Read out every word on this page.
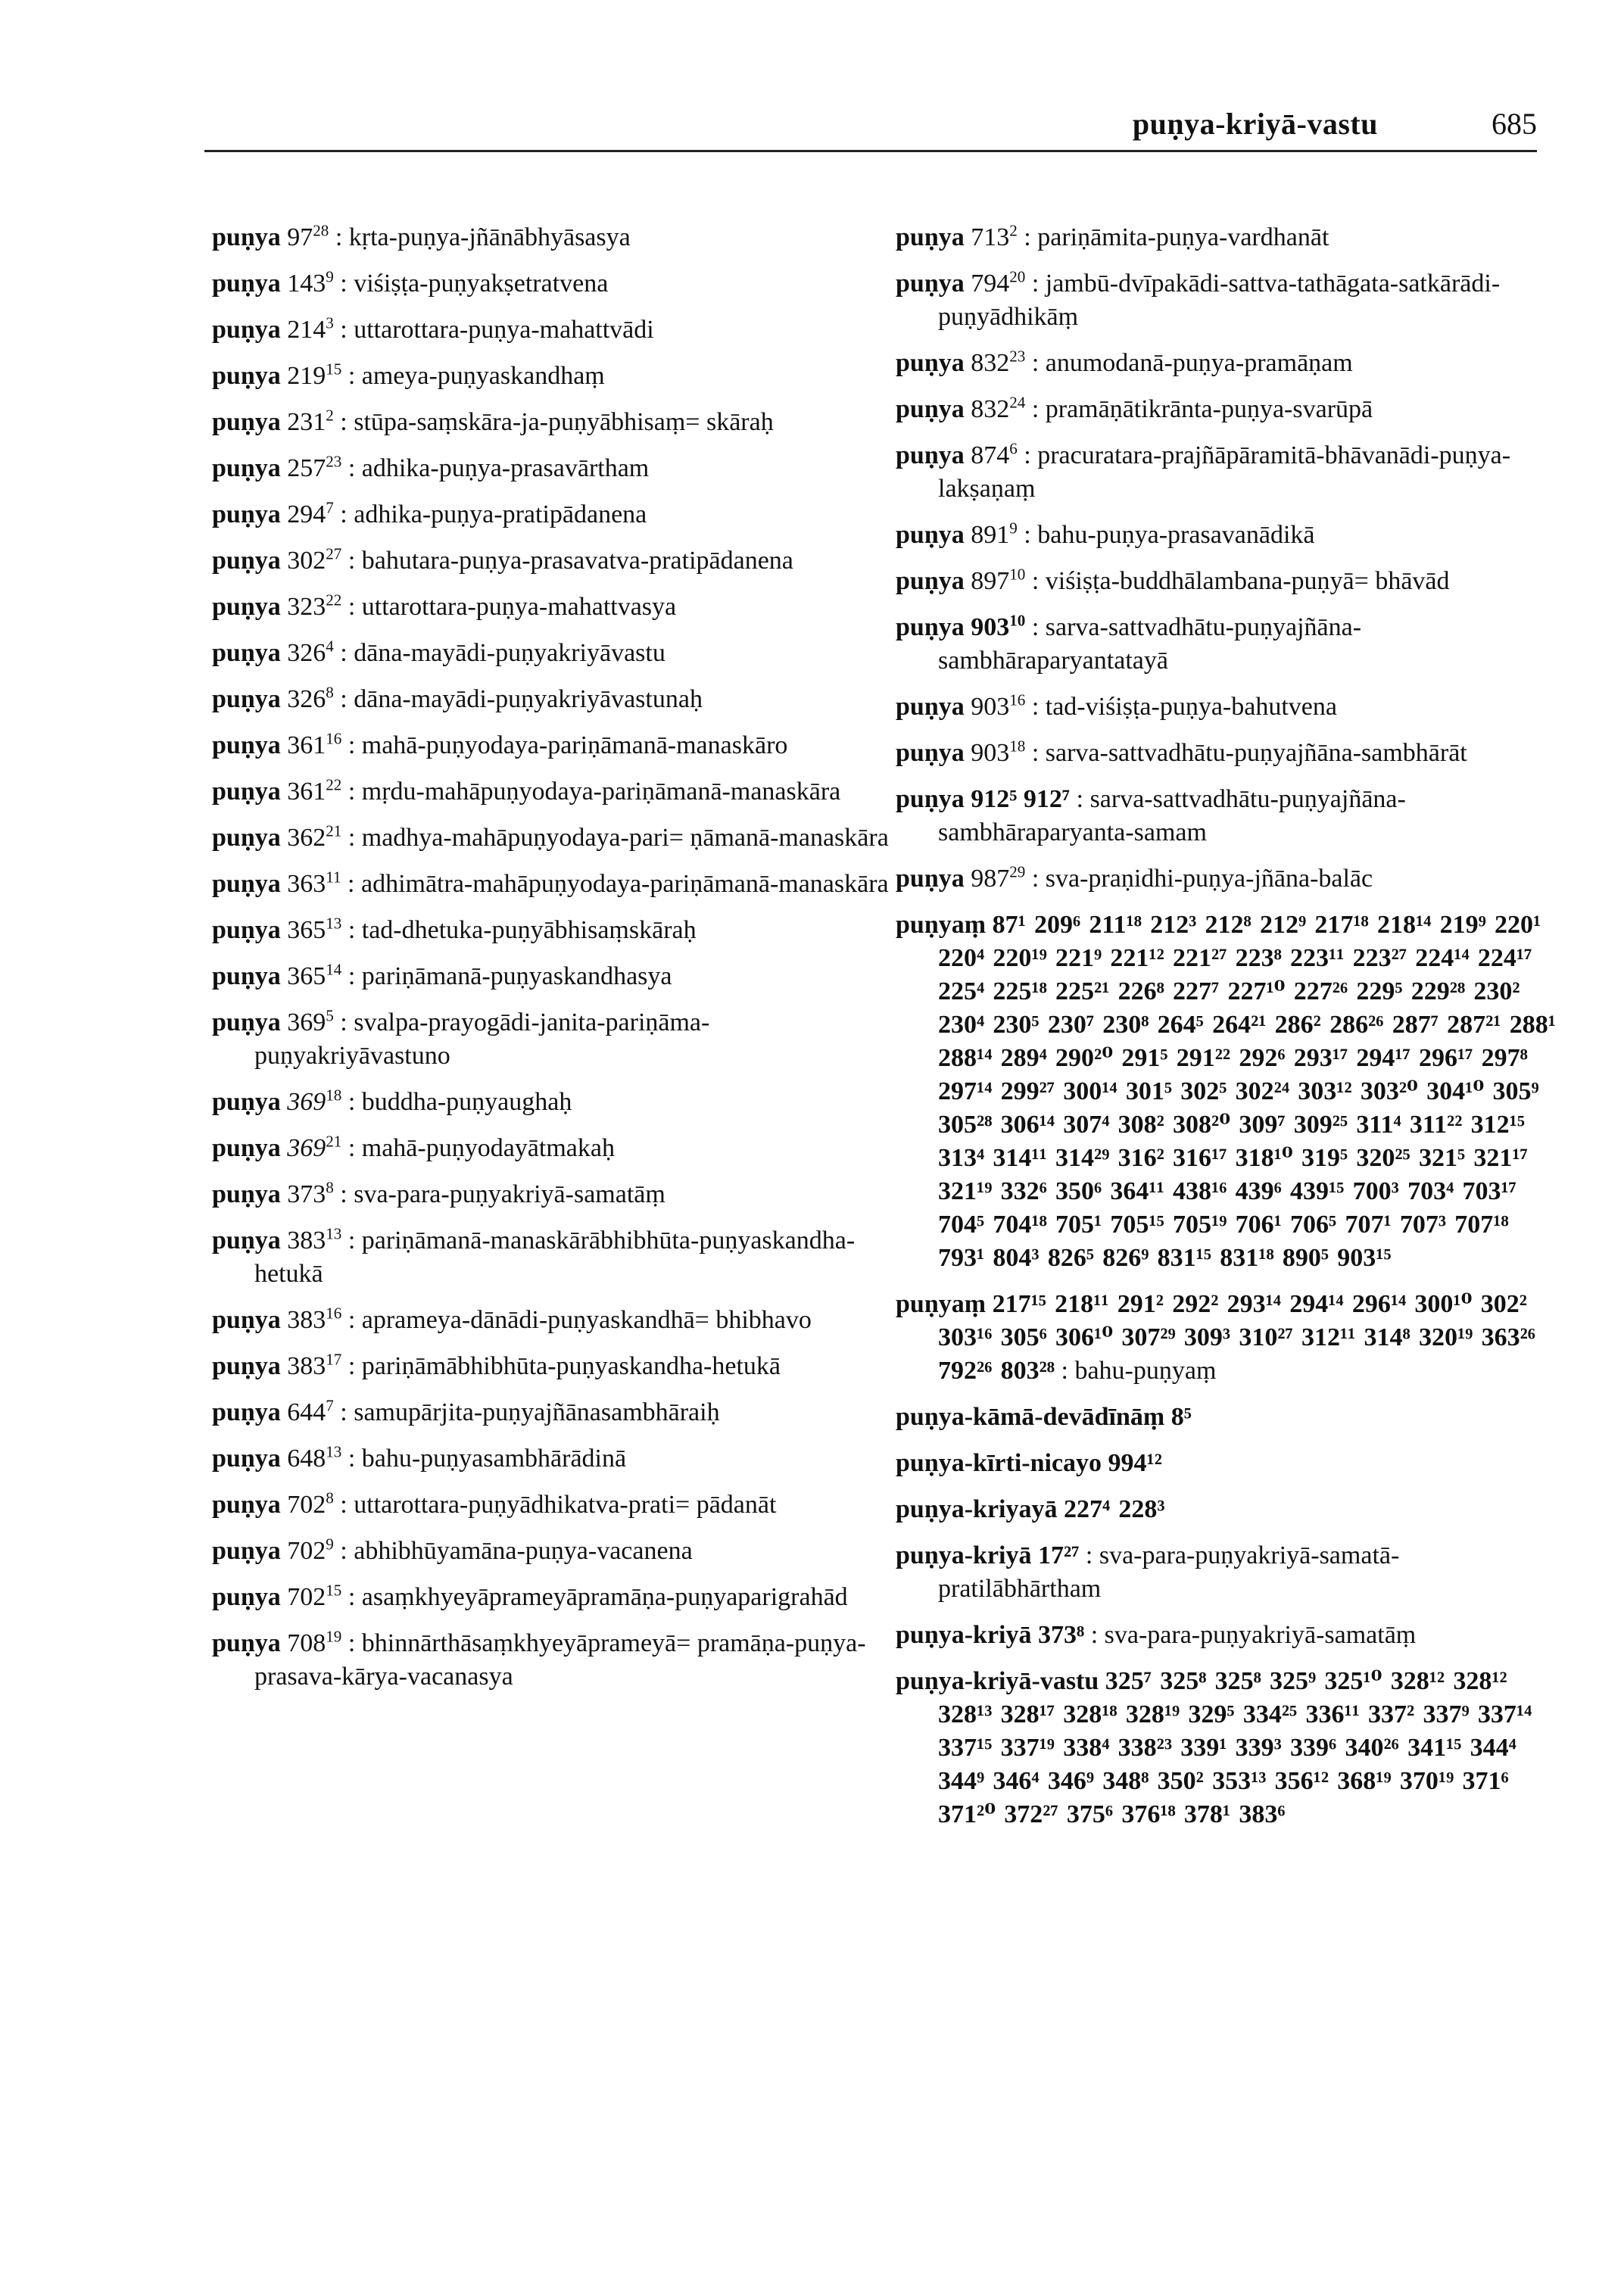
puṇya-kriyā-vastu	685
puṇya $97^{28}$ : kṛta-puṇya-jñānābhyāsasya
puṇya $143^9$ : viśiṣṭa-puṇyakṣetratvena
puṇya $214^3$ : uttarottara-puṇya-mahattvādi
puṇya $219^{15}$ : ameya-puṇyaskandhaṃ
puṇya $231^2$ : stūpa-saṃskāra-ja-puṇyābhisaṃ= skāraḥ
puṇya $257^{23}$ : adhika-puṇya-prasavārtham
puṇya $294^7$ : adhika-puṇya-pratipādanena
puṇya $302^{27}$ : bahutara-puṇya-prasavatva-pratipādanena
puṇya $323^{22}$ : uttarottara-puṇya-mahattvasya
puṇya $326^4$ : dāna-mayādi-puṇyakriyāvastu
puṇya $326^8$ : dāna-mayādi-puṇyakriyāvastunaḥ
puṇya $361^{16}$ : mahā-puṇyodaya-pariṇāmanā-manaskāro
puṇya $361^{22}$ : mṛdu-mahāpuṇyodaya-pariṇāmanā-manaskāra
puṇya $362^{21}$ : madhya-mahāpuṇyodaya-pari= ṇāmanā-manaskāra
puṇya $363^{11}$ : adhimātra-mahāpuṇyodaya-pariṇāmanā-manaskāra
puṇya $365^{13}$ : tad-dhetuka-puṇyābhisaṃskāraḥ
puṇya $365^{14}$ : pariṇāmanā-puṇyaskandhasya
puṇya $369^5$ : svalpa-prayogādi-janita-pariṇāma-puṇyakriyāvastuno
puṇya $369^{18}$ : buddha-puṇyaughaḥ
puṇya $369^{21}$ : mahā-puṇyodayātmakaḥ
puṇya $373^8$ : sva-para-puṇyakriyā-samatāṃ
puṇya $383^{13}$ : pariṇāmanā-manaskārābhibhūta-puṇyaskandha-hetukā
puṇya $383^{16}$ : aprameya-dānādi-puṇyaskandhā= bhibhavo
puṇya $383^{17}$ : pariṇāmābhibhūta-puṇyaskandha-hetukā
puṇya $644^7$ : samupārjita-puṇyajñānasambhāraiḥ
puṇya $648^{13}$ : bahu-puṇyasambhārādinā
puṇya $702^8$ : uttarottara-puṇyādhikatva-prati= pādanāt
puṇya $702^9$ : abhibhūyamāna-puṇya-vacanena
puṇya $702^{15}$ : asaṃkhyeyāprameyāpramāṇa-puṇyaparigrahād
puṇya $708^{19}$ : bhinnārthāsaṃkhyeyāprameyā= pramāṇa-puṇya-prasava-kārya-vacanasya
puṇya $713^2$ : pariṇāmita-puṇya-vardhanāt
puṇya $794^{20}$ : jambū-dvīpakādi-sattva-tathāgata-satkārādi-puṇyādhikāṃ
puṇya $832^{23}$ : anumodanā-puṇya-pramāṇam
puṇya $832^{24}$ : pramāṇātikrānta-puṇya-svarūpā
puṇya $874^6$ : pracuratara-prajñāpāramitā-bhāvanādi-puṇya-lakṣaṇaṃ
puṇya $891^9$ : bahu-puṇya-prasavanādikā
puṇya $897^{10}$ : viśiṣṭa-buddhālambana-puṇyā= bhāvād
puṇya $903^{10}$ : sarva-sattvadhātu-puṇyajñāna-sambhāraparyantatayā
puṇya $903^{16}$ : tad-viśiṣṭa-puṇya-bahutvena
puṇya $903^{18}$ : sarva-sattvadhātu-puṇyajñāna-sambhārāt
puṇya 912⁵ 912⁷ : sarva-sattvadhātu-puṇyajñāna-sambhāraparyanta-samam
puṇya $987^{29}$ : sva-praṇidhi-puṇya-jñāna-balāc
puṇyaṃ 87¹ 209⁶ 211¹⁸ 212³ 212⁸ 212⁹ 217¹⁸ 218¹⁴ 219⁹ 220¹ 220⁴ 220¹⁹ 221⁹ 221¹² 221²⁷ 223⁸ 223¹¹ 223²⁷ 224¹⁴ 224¹⁷ 225⁴ 225¹⁸ 225²¹ 226⁸ 227⁷ 227¹⁰ 227²⁶ 229⁵ 229²⁸ 230² 230⁴ 230⁵ 230⁷ 230⁸ 264⁵ 264²¹ 286² 286²⁶ 287⁷ 287²¹ 288¹ 288¹⁴ 289⁴ 290²⁰ 291⁵ 291²² 292⁶ 293¹⁷ 294¹⁷ 296¹⁷ 297⁸ 297¹⁴ 299²⁷ 300¹⁴ 301⁵ 302⁵ 302²⁴ 303¹² 303²⁰ 304¹⁰ 305⁹ 305²⁸ 306¹⁴ 307⁴ 308² 308²⁰ 309⁷ 309²⁵ 311⁴ 311²² 312¹⁵ 313⁴ 314¹¹ 314²⁹ 316² 316¹⁷ 318¹⁰ 319⁵ 320²⁵ 321⁵ 321¹⁷ 321¹⁹ 332⁶ 350⁶ 364¹¹ 438¹⁶ 439⁶ 439¹⁵ 700³ 703⁴ 703¹⁷ 704⁵ 704¹⁸ 705¹ 705¹⁵ 705¹⁹ 706¹ 706⁵ 707¹ 707³ 707¹⁸ 793¹ 804³ 826⁵ 826⁹ 831¹⁵ 831¹⁸ 890⁵ 903¹⁵
puṇyaṃ 217¹⁵ 218¹¹ 291² 292² 293¹⁴ 294¹⁴ 296¹⁴ 300¹⁰ 302² 303¹⁶ 305⁶ 306¹⁰ 307²⁹ 309³ 310²⁷ 312¹¹ 314⁸ 320¹⁹ 363²⁶ 792²⁶ 803²⁸ : bahu-puṇyaṃ
puṇya-kāmā-devādīnāṃ 8⁵
puṇya-kīrti-nicayo 994¹²
puṇya-kriyayā 227⁴ 228³
puṇya-kriyā 17²⁷ : sva-para-puṇyakriyā-samatā-pratilābhārtham
puṇya-kriyā 373⁸ : sva-para-puṇyakriyā-samatāṃ
puṇya-kriyā-vastu 325⁷ 325⁸ 325⁸ 325⁹ 325¹⁰ 328¹² 328¹² 328¹³ 328¹⁷ 328¹⁸ 328¹⁹ 329⁵ 334²⁵ 336¹¹ 337² 337⁹ 337¹⁴ 337¹⁵ 337¹⁹ 338⁴ 338²³ 339¹ 339³ 339⁶ 340²⁶ 341¹⁵ 344⁴ 344⁹ 346⁴ 346⁹ 348⁸ 350² 353¹³ 356¹² 368¹⁹ 370¹⁹ 371⁶ 371²⁰ 372²⁷ 375⁶ 376¹⁸ 378¹ 383⁶
